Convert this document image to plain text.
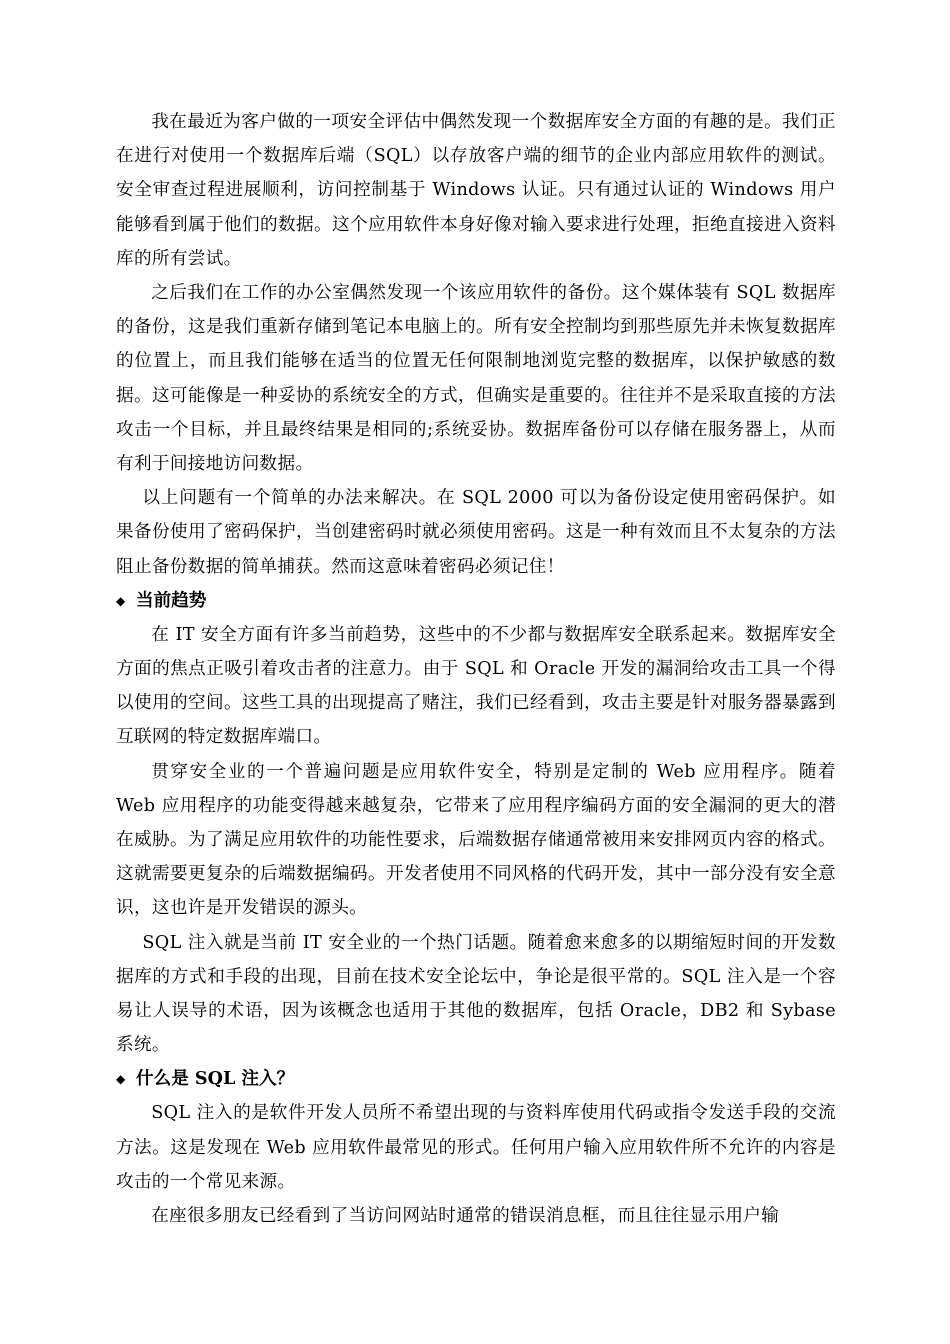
我在最近为客户做的一项安全评估中偶然发现一个数据库安全方面的有趣的是。我们正在进行对使用一个数据库后端（SQL）以存放客户端的细节的企业内部应用软件的测试。安全审查过程进展顺利，访问控制基于 Windows 认证。只有通过认证的 Windows 用户能够看到属于他们的数据。这个应用软件本身好像对输入要求进行处理，拒绝直接进入资料库的所有尝试。

之后我们在工作的办公室偶然发现一个该应用软件的备份。这个媒体装有 SQL 数据库的备份，这是我们重新存储到笔记本电脑上的。所有安全控制均到那些原先并未恢复数据库的位置上，而且我们能够在适当的位置无任何限制地浏览完整的数据库，以保护敏感的数据。这可能像是一种妥协的系统安全的方式，但确实是重要的。往往并不是采取直接的方法攻击一个目标，并且最终结果是相同的;系统妥协。数据库备份可以存储在服务器上，从而有利于间接地访问数据。

以上问题有一个简单的办法来解决。在 SQL 2000 可以为备份设定使用密码保护。如果备份使用了密码保护，当创建密码时就必须使用密码。这是一种有效而且不太复杂的方法阻止备份数据的简单捕获。然而这意味着密码必须记住！

◆ 当前趋势

在 IT 安全方面有许多当前趋势，这些中的不少都与数据库安全联系起来。数据库安全方面的焦点正吸引着攻击者的注意力。由于 SQL 和 Oracle 开发的漏洞给攻击工具一个得以使用的空间。这些工具的出现提高了赌注，我们已经看到，攻击主要是针对服务器暴露到互联网的特定数据库端口。

贯穿安全业的一个普遍问题是应用软件安全，特别是定制的 Web 应用程序。随着 Web 应用程序的功能变得越来越复杂，它带来了应用程序编码方面的安全漏洞的更大的潜在威胁。为了满足应用软件的功能性要求，后端数据存储通常被用来安排网页内容的格式。这就需要更复杂的后端数据编码。开发者使用不同风格的代码开发，其中一部分没有安全意识，这也许是开发错误的源头。

SQL 注入就是当前 IT 安全业的一个热门话题。随着愈来愈多的以期缩短时间的开发数据库的方式和手段的出现，目前在技术安全论坛中，争论是很平常的。SQL 注入是一个容易让人误导的术语，因为该概念也适用于其他的数据库，包括 Oracle，DB2 和 Sybase 系统。

◆ 什么是 SQL 注入？

SQL 注入的是软件开发人员所不希望出现的与资料库使用代码或指令发送手段的交流方法。这是发现在 Web 应用软件最常见的形式。任何用户输入应用软件所不允许的内容是攻击的一个常见来源。

在座很多朋友已经看到了当访问网站时通常的错误消息框，而且往往显示用户输
